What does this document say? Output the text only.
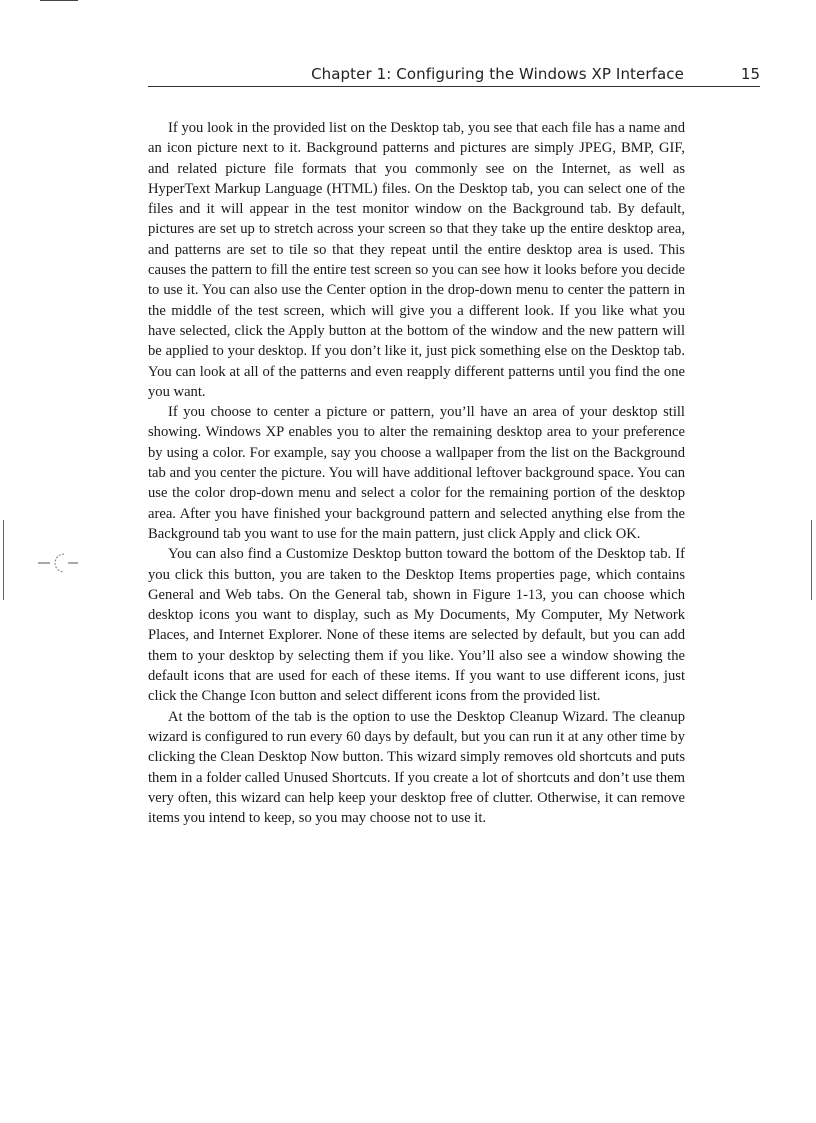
Chapter 1: Configuring the Windows XP Interface	15

If you look in the provided list on the Desktop tab, you see that each file has a name and an icon picture next to it. Background patterns and pictures are simply JPEG, BMP, GIF, and related picture file formats that you commonly see on the Internet, as well as HyperText Markup Language (HTML) files. On the Desktop tab, you can select one of the files and it will appear in the test monitor window on the Background tab. By default, pictures are set up to stretch across your screen so that they take up the entire desktop area, and patterns are set to tile so that they repeat until the entire desktop area is used. This causes the pattern to fill the entire test screen so you can see how it looks before you decide to use it. You can also use the Center option in the drop-down menu to center the pattern in the middle of the test screen, which will give you a different look. If you like what you have selected, click the Apply button at the bottom of the window and the new pattern will be applied to your desktop. If you don’t like it, just pick something else on the Desktop tab. You can look at all of the patterns and even reapply different patterns until you find the one you want.

If you choose to center a picture or pattern, you’ll have an area of your desktop still showing. Windows XP enables you to alter the remaining desktop area to your preference by using a color. For example, say you choose a wallpaper from the list on the Background tab and you center the picture. You will have additional leftover background space. You can use the color drop-down menu and select a color for the remaining portion of the desktop area. After you have finished your background pattern and selected anything else from the Background tab you want to use for the main pattern, just click Apply and click OK.

You can also find a Customize Desktop button toward the bottom of the Desktop tab. If you click this button, you are taken to the Desktop Items properties page, which contains General and Web tabs. On the General tab, shown in Figure 1-13, you can choose which desktop icons you want to display, such as My Documents, My Computer, My Network Places, and Internet Explorer. None of these items are selected by default, but you can add them to your desktop by selecting them if you like. You’ll also see a window showing the default icons that are used for each of these items. If you want to use different icons, just click the Change Icon button and select different icons from the provided list.

At the bottom of the tab is the option to use the Desktop Cleanup Wizard. The cleanup wizard is configured to run every 60 days by default, but you can run it at any other time by clicking the Clean Desktop Now button. This wizard simply removes old shortcuts and puts them in a folder called Unused Shortcuts. If you create a lot of shortcuts and don’t use them very often, this wizard can help keep your desktop free of clutter. Otherwise, it can remove items you intend to keep, so you may choose not to use it.
